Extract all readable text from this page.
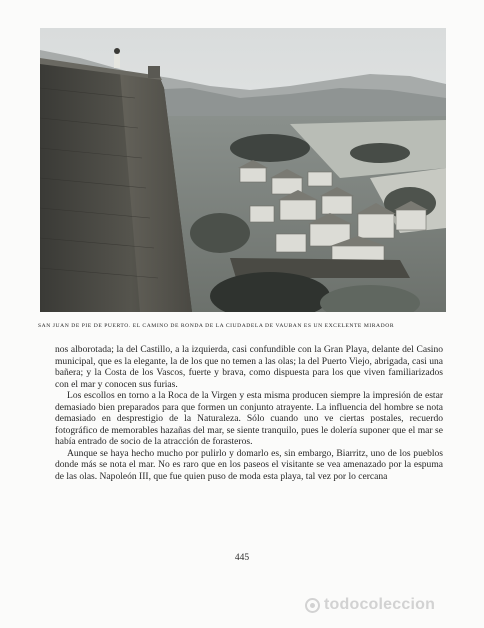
SAN JUAN DE PIE DE PUERTO. EL CAMINO DE RONDA DE LA CIUDADELA DE VAUBAN ES UN EXCELENTE MIRADOR

nos alborotada; la del Castillo, a la izquierda, casi confundible con la Gran Playa, delante del Casino municipal, que es la elegante, la de los que no temen a las olas; la del Puerto Viejo, abrigada, casi una bañera; y la Costa de los Vascos, fuerte y brava, como dispuesta para los que viven familiarizados con el mar y conocen sus furias.

Los escollos en torno a la Roca de la Virgen y esta misma producen siempre la impresión de estar demasiado bien preparados para que formen un conjunto atrayente. La influencia del hombre se nota demasiado en desprestigio de la Naturaleza. Sólo cuando uno ve ciertas postales, recuerdo fotográfico de memorables hazañas del mar, se siente tranquilo, pues le dolería suponer que el mar se había entrado de socio de la atracción de forasteros.

Aunque se haya hecho mucho por pulirlo y domarlo es, sin embargo, Biarritz, uno de los pueblos donde más se nota el mar. No es raro que en los paseos el visitante se vea amenazado por la espuma de las olas. Napoleón III, que fue quien puso de moda esta playa, tal vez por lo cercana

445
todocoleccion
